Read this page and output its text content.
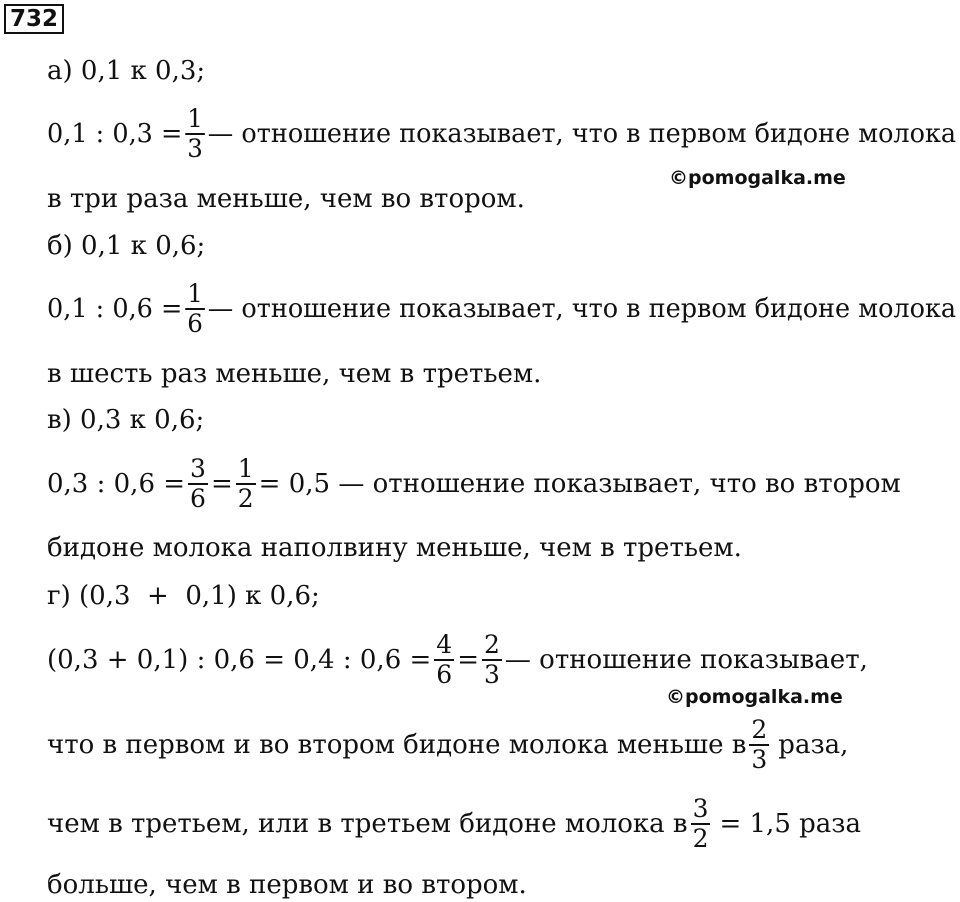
732
а) 0,1 к 0,3;
0,1 : $0,3 = \frac{1}{3}$ — отношение показывает, что в первом бидоне молока
в три раза меньше, чем во втором.
б) 0,1 к 0,6;
0,1 : $0,6 = \frac{1}{6}$ — отношение показывает, что в первом бидоне молока
в шесть раз меньше, чем в третьем.
в) 0,3 к 0,6;
0,3 : $0,6 = \frac{3}{6} = \frac{1}{2} = 0,5$ — отношение показывает, что во втором
бидоне молока наполвину меньше, чем в третьем.
г) (0,3  +  0,1) к 0,6;
(0,3 + 0,1) : 0,6 = 0,4 : $0,6 = \frac{4}{6} = \frac{2}{3}$ — отношение показывает,
что в первом и во втором бидоне молока меньше в $\frac{2}{3}$ раза,
чем в третьем, или в третьем бидоне молока в $\frac{3}{2} = 1,5$ раза
больше, чем в первом и во втором.
©pomogalka.me
©pomogalka.me
